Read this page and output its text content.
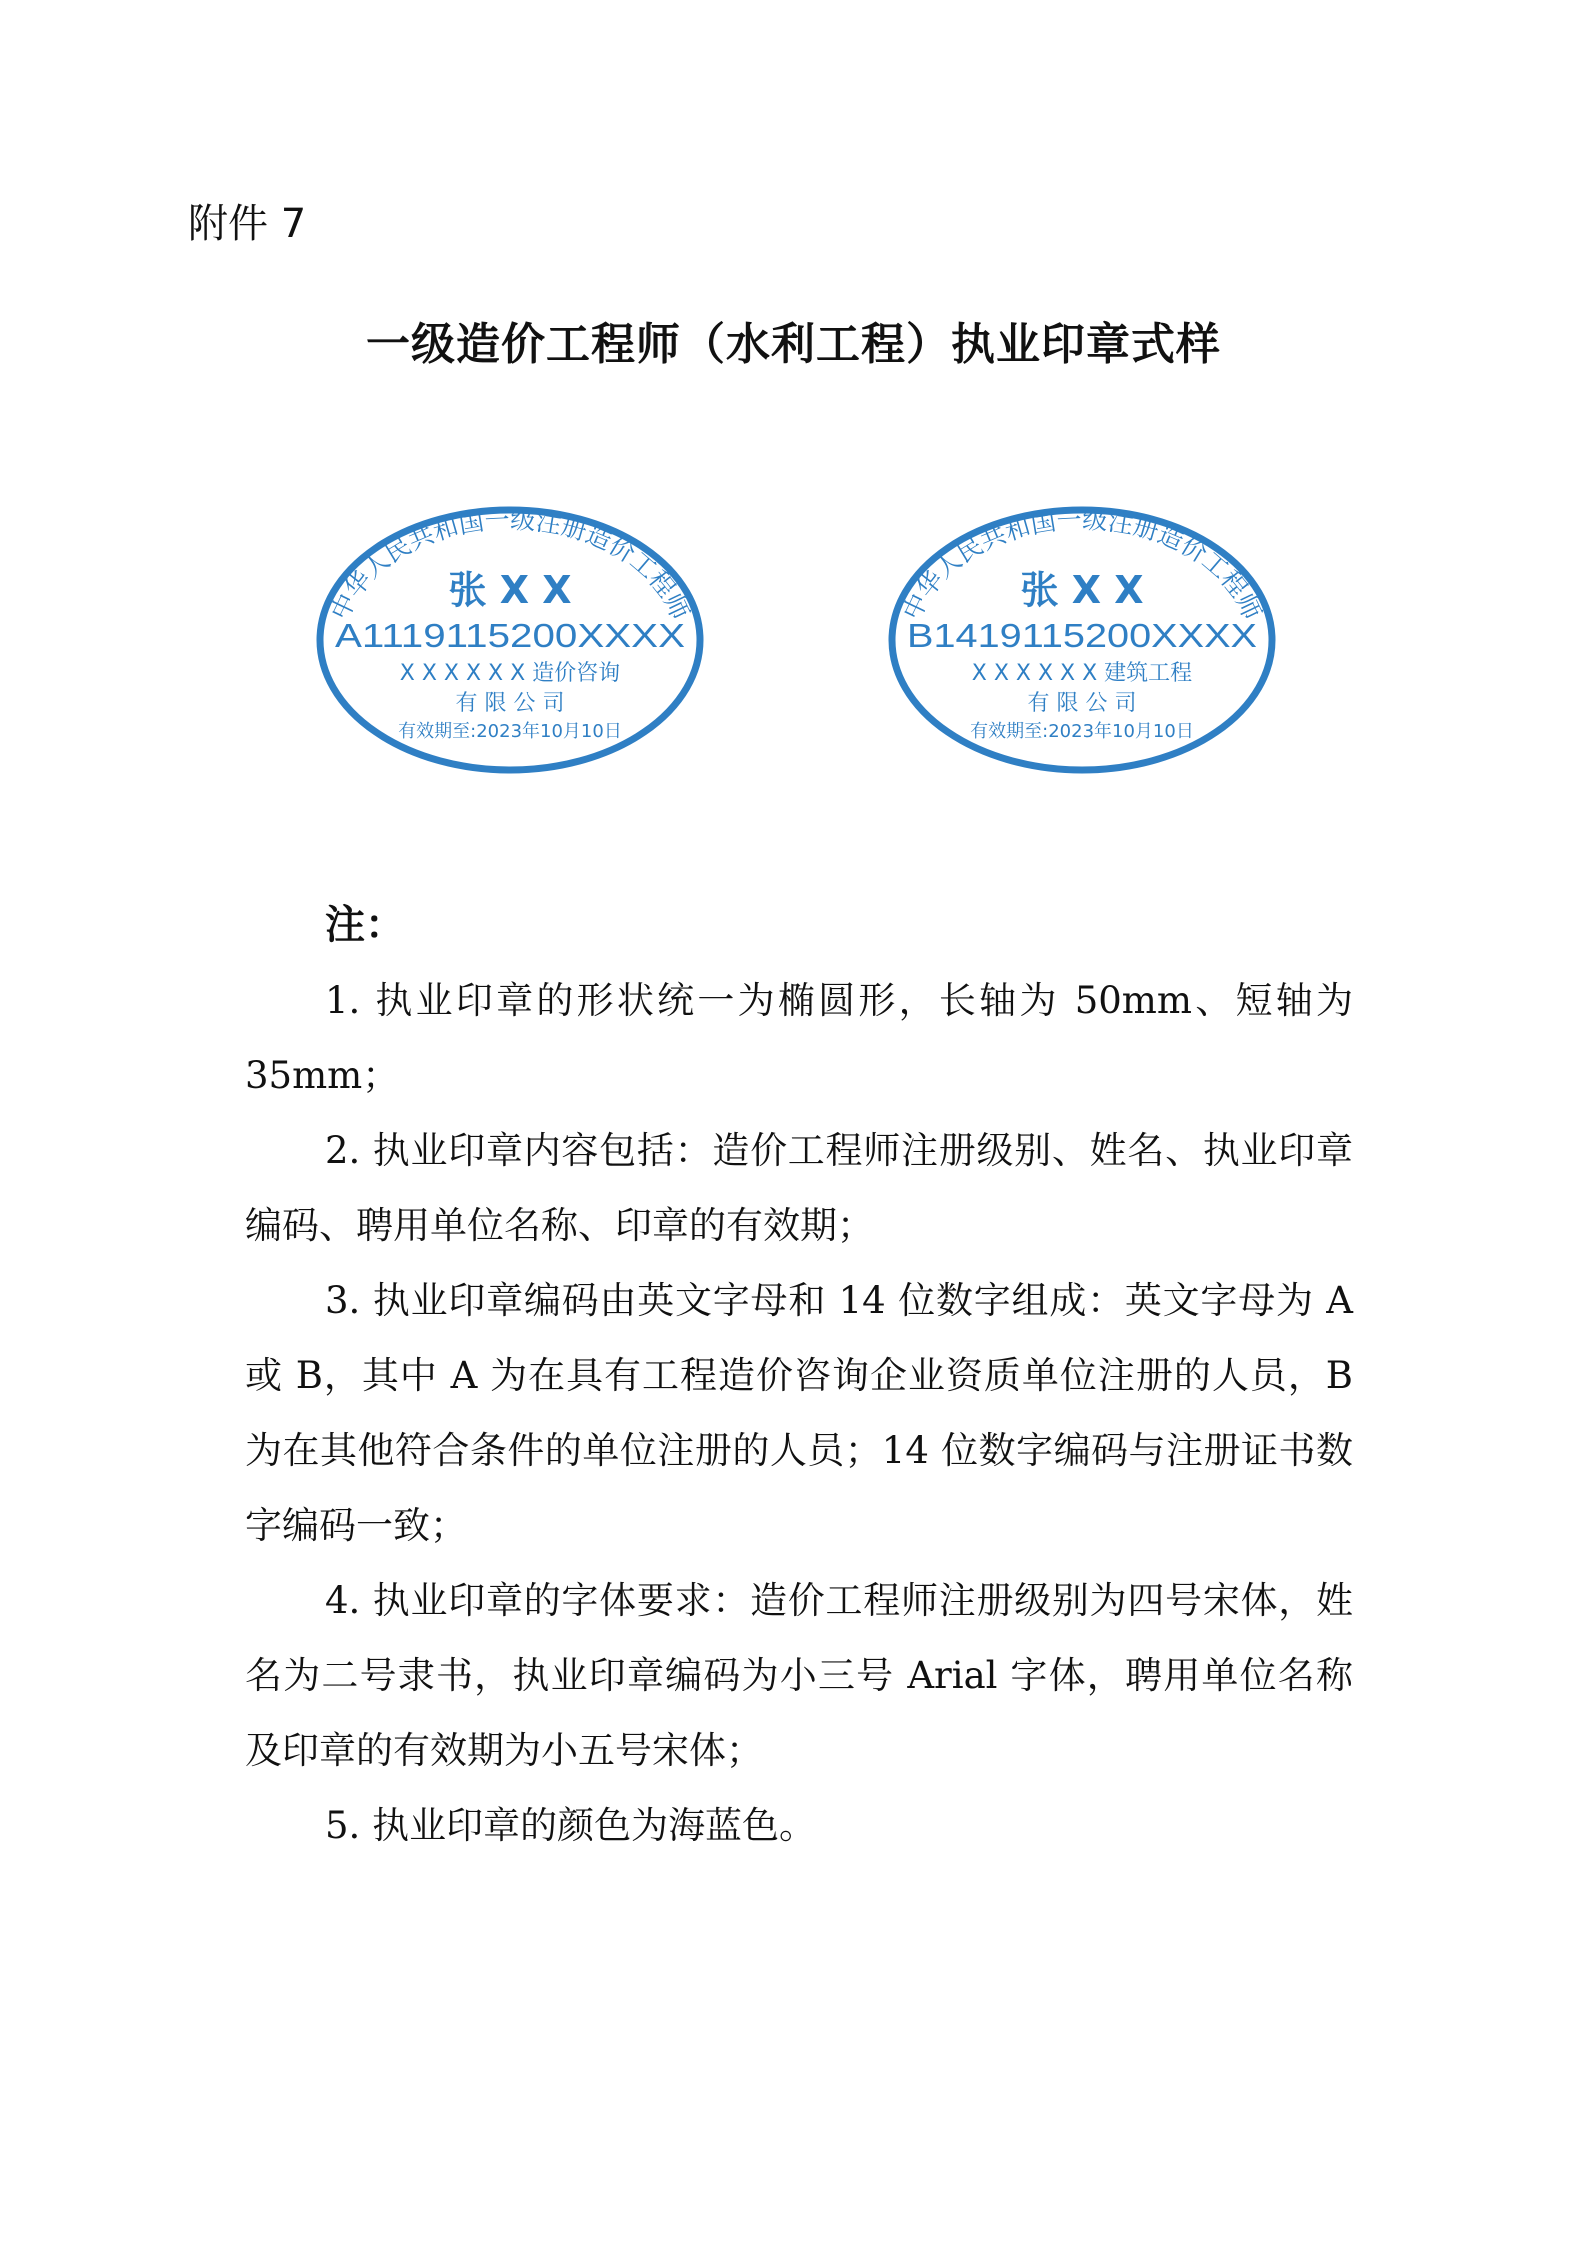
附件 7
一级造价工程师（水利工程）执业印章式样
中华人民共和国一级注册造价工程师
张 X X
A1119115200XXXX
X X X X X X 造价咨询
有 限 公 司
有效期至:2023年10月10日
中华人民共和国一级注册造价工程师
张 X X
B1419115200XXXX
X X X X X X 建筑工程
有 限 公 司
有效期至:2023年10月10日
注：

1. 执业印章的形状统一为椭圆形，长轴为 50mm、短轴为 35mm；

2. 执业印章内容包括：造价工程师注册级别、姓名、执业印章编码、聘用单位名称、印章的有效期；

3. 执业印章编码由英文字母和 14 位数字组成：英文字母为 A 或 B，其中 A 为在具有工程造价咨询企业资质单位注册的人员，B 为在其他符合条件的单位注册的人员；14 位数字编码与注册证书数字编码一致；

4. 执业印章的字体要求：造价工程师注册级别为四号宋体，姓名为二号隶书，执业印章编码为小三号 Arial 字体，聘用单位名称及印章的有效期为小五号宋体；

5. 执业印章的颜色为海蓝色。
